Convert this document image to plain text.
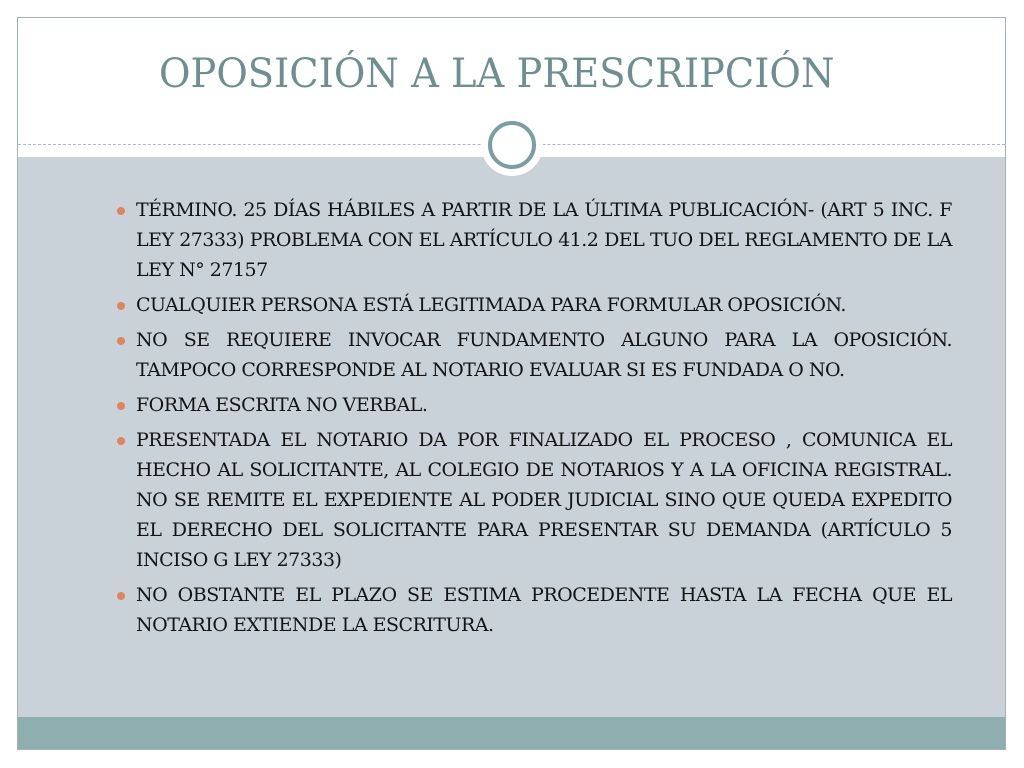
OPOSICIÓN A LA PRESCRIPCIÓN
TÉRMINO. 25 DÍAS HÁBILES A PARTIR DE LA ÚLTIMA PUBLICACIÓN- (ART 5 INC. F LEY 27333) PROBLEMA CON EL ARTÍCULO 41.2 DEL TUO DEL REGLAMENTO DE LA LEY N° 27157
CUALQUIER PERSONA ESTÁ LEGITIMADA PARA FORMULAR OPOSICIÓN.
NO SE REQUIERE INVOCAR FUNDAMENTO ALGUNO PARA LA OPOSICIÓN. TAMPOCO CORRESPONDE AL NOTARIO EVALUAR SI ES FUNDADA O NO.
FORMA ESCRITA NO VERBAL.
PRESENTADA EL NOTARIO DA POR FINALIZADO EL PROCESO , COMUNICA EL HECHO AL SOLICITANTE, AL COLEGIO DE NOTARIOS Y A LA OFICINA REGISTRAL. NO SE REMITE EL EXPEDIENTE AL PODER JUDICIAL SINO QUE QUEDA EXPEDITO EL DERECHO DEL SOLICITANTE PARA PRESENTAR SU DEMANDA (ARTÍCULO 5 INCISO G LEY 27333)
NO OBSTANTE EL PLAZO SE ESTIMA PROCEDENTE HASTA LA FECHA QUE EL NOTARIO EXTIENDE LA ESCRITURA.
